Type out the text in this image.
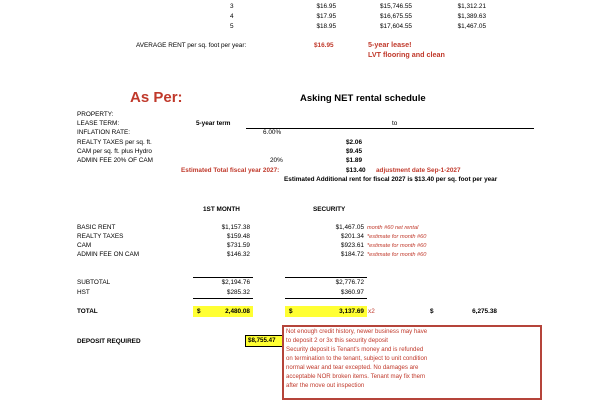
3	$16.95	$15,746.55	$1,312.21
4	$17.95	$16,675.55	$1,389.63
5	$18.95	$17,604.55	$1,467.05
AVERAGE RENT per sq. foot per year:	$16.95	5-year lease!
LVT flooring and clean
As Per:	Asking NET rental schedule
PROPERTY:
LEASE TERM:	5-year term	to
INFLATION RATE:	6.00%
REALTY TAXES per sq. ft.	$2.06
CAM per sq. ft. plus Hydro	$9.45
ADMIN FEE 20% OF CAM	20%	$1.89
Estimated Total fiscal year 2027:	$13.40 adjustment date Sep-1-2027
Estimated Additional rent for fiscal 2027 is $13.40 per sq. foot per year
1ST MONTH	SECURITY
BASIC RENT	$1,157.38	$1,467.05 month #60 net rental
REALTY TAXES	$159.48	$201.34 *estimate for month #60
CAM	$731.59	$923.61 *estimate for month #60
ADMIN FEE ON CAM	$146.32	$184.72 *estimate for month #60
SUBTOTAL	$2,194.76	$2,776.72
HST	$285.32	$360.97
TOTAL	$	2,480.08	$	3,137.69 x2	$	6,275.38
DEPOSIT REQUIRED	$8,755.47
Not enough credit history, newer business may have
to deposit 2 or 3x this security deposit
Security deposit is Tenant's money and is refunded
on termination to the tenant, subject to unit condition
normal wear and tear excepted. No damages are
acceptable NOR broken items. Tenant may fix them
after the move out inspection
